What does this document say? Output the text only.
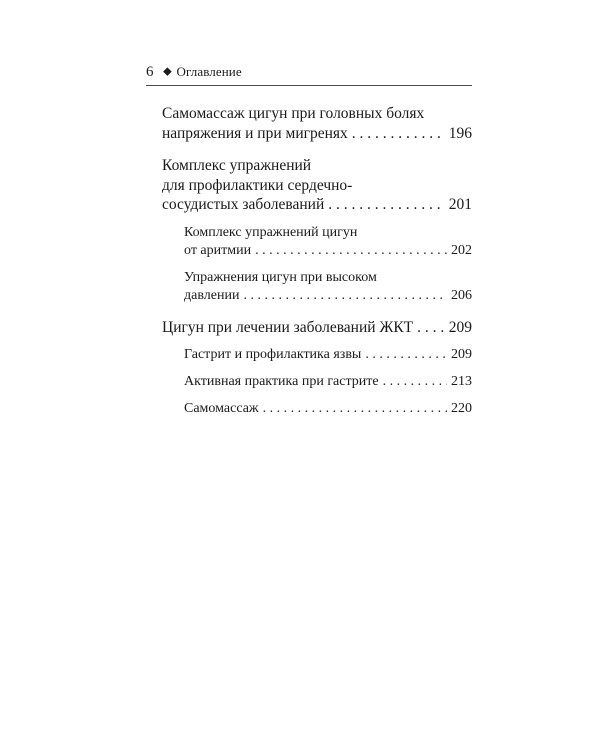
6 Оглавление
Самомассаж цигун при головных болях
напряжения и при мигренях . . .	196
Комплекс упражнений
для профилактики сердечно-
сосудистых заболеваний . . .	201
Комплекс упражнений цигун
от аритмии . . .	202
Упражнения цигун при высоком
давлении . . .	206
Цигун при лечении заболеваний ЖКТ . . . 209
Гастрит и профилактика язвы . . .	209
Активная практика при гастрите . . .	213
Самомассаж . . .	220
